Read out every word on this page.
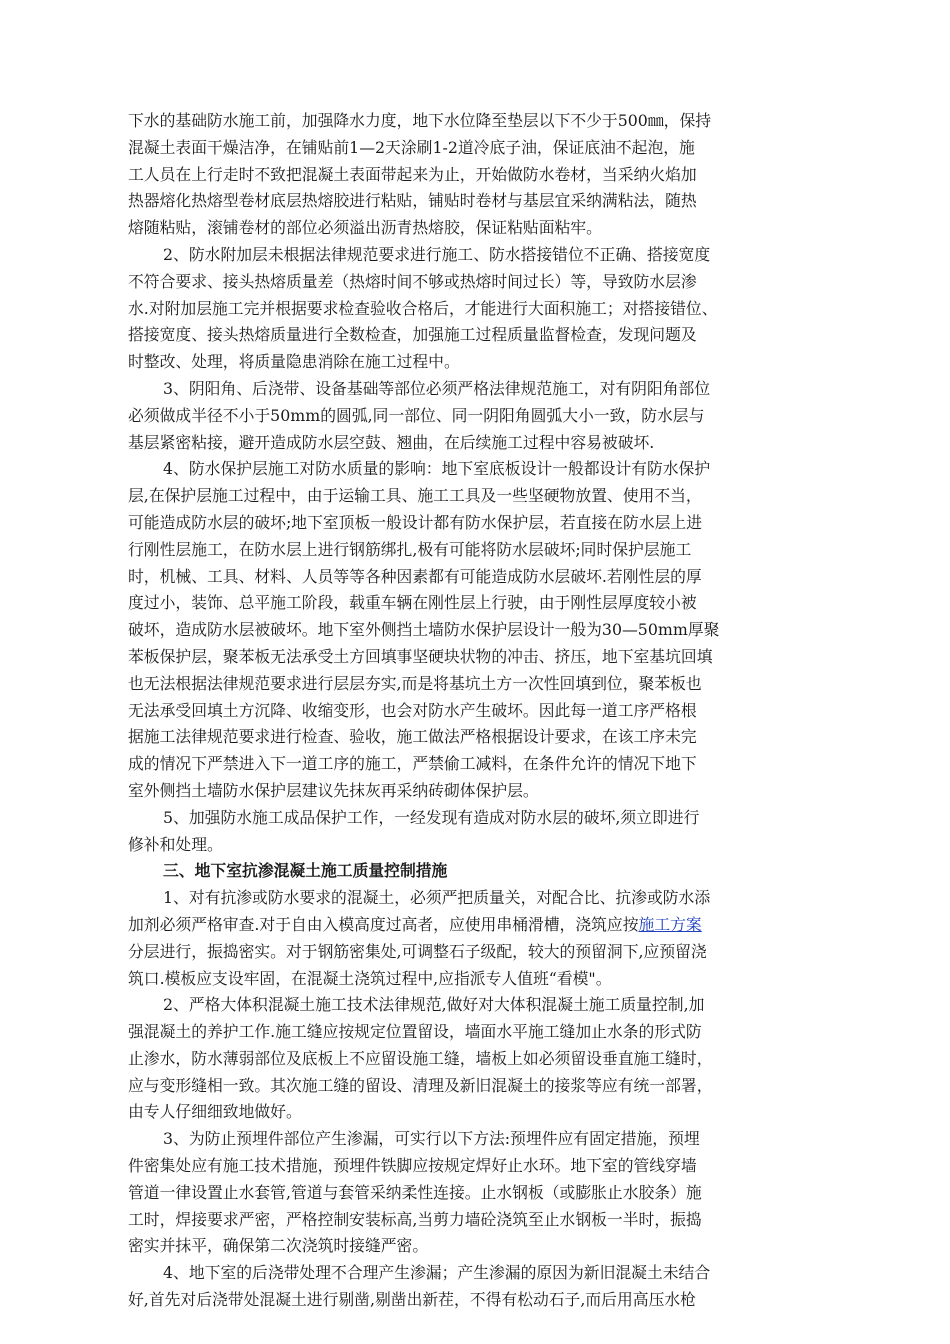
下水的基础防水施工前，加强降水力度，地下水位降至垫层以下不少于500㎜，保持
混凝土表面干燥洁净，在铺贴前1—2天涂刷1-2道冷底子油，保证底油不起泡，施
工人员在上行走时不致把混凝土表面带起来为止，开始做防水卷材，当采纳火焰加
热器熔化热熔型卷材底层热熔胶进行粘贴，铺贴时卷材与基层宜采纳满粘法，随热
熔随粘贴，滚铺卷材的部位必须溢出沥青热熔胶，保证粘贴面粘牢。
2、防水附加层未根据法律规范要求进行施工、防水搭接错位不正确、搭接宽度
不符合要求、接头热熔质量差（热熔时间不够或热熔时间过长）等，导致防水层渗
水.对附加层施工完并根据要求检查验收合格后，才能进行大面积施工；对搭接错位、
搭接宽度、接头热熔质量进行全数检查，加强施工过程质量监督检查，发现问题及
时整改、处理，将质量隐患消除在施工过程中。
3、阴阳角、后浇带、设备基础等部位必须严格法律规范施工，对有阴阳角部位
必须做成半径不小于50mm的圆弧,同一部位、同一阴阳角圆弧大小一致，防水层与
基层紧密粘接，避开造成防水层空鼓、翘曲，在后续施工过程中容易被破坏.
4、防水保护层施工对防水质量的影响：地下室底板设计一般都设计有防水保护
层,在保护层施工过程中，由于运输工具、施工工具及一些坚硬物放置、使用不当，
可能造成防水层的破坏;地下室顶板一般设计都有防水保护层，若直接在防水层上进
行刚性层施工，在防水层上进行钢筋绑扎,极有可能将防水层破坏;同时保护层施工
时，机械、工具、材料、人员等等各种因素都有可能造成防水层破坏.若刚性层的厚
度过小，装饰、总平施工阶段，载重车辆在刚性层上行驶，由于刚性层厚度较小被
破坏，造成防水层被破坏。地下室外侧挡土墙防水保护层设计一般为30—50mm厚聚
苯板保护层，聚苯板无法承受土方回填事坚硬块状物的冲击、挤压，地下室基坑回填
也无法根据法律规范要求进行层层夯实,而是将基坑土方一次性回填到位，聚苯板也
无法承受回填土方沉降、收缩变形，也会对防水产生破坏。因此每一道工序严格根
据施工法律规范要求进行检查、验收，施工做法严格根据设计要求，在该工序未完
成的情况下严禁进入下一道工序的施工，严禁偷工减料，在条件允许的情况下地下
室外侧挡土墙防水保护层建议先抹灰再采纳砖砌体保护层。
5、加强防水施工成品保护工作，一经发现有造成对防水层的破坏,须立即进行
修补和处理。
三、地下室抗渗混凝土施工质量控制措施
1、对有抗渗或防水要求的混凝土，必须严把质量关，对配合比、抗渗或防水添
加剂必须严格审查.对于自由入模高度过高者，应使用串桶滑槽，浇筑应按施工方案
分层进行，振捣密实。对于钢筋密集处,可调整石子级配，较大的预留洞下,应预留浇
筑口.模板应支设牢固，在混凝土浇筑过程中,应指派专人值班“看模"。
2、严格大体积混凝土施工技术法律规范,做好对大体积混凝土施工质量控制,加
强混凝土的养护工作.施工缝应按规定位置留设，墙面水平施工缝加止水条的形式防
止渗水，防水薄弱部位及底板上不应留设施工缝，墙板上如必须留设垂直施工缝时，
应与变形缝相一致。其次施工缝的留设、清理及新旧混凝土的接浆等应有统一部署，
由专人仔细细致地做好。
3、为防止预埋件部位产生渗漏，可实行以下方法:预埋件应有固定措施，预埋
件密集处应有施工技术措施，预埋件铁脚应按规定焊好止水环。地下室的管线穿墙
管道一律设置止水套管,管道与套管采纳柔性连接。止水钢板（或膨胀止水胶条）施
工时，焊接要求严密，严格控制安装标高,当剪力墙砼浇筑至止水钢板一半时，振捣
密实并抹平，确保第二次浇筑时接缝严密。
4、地下室的后浇带处理不合理产生渗漏；产生渗漏的原因为新旧混凝土未结合
好,首先对后浇带处混凝土进行剔凿,剔凿出新茬，不得有松动石子,而后用高压水枪
